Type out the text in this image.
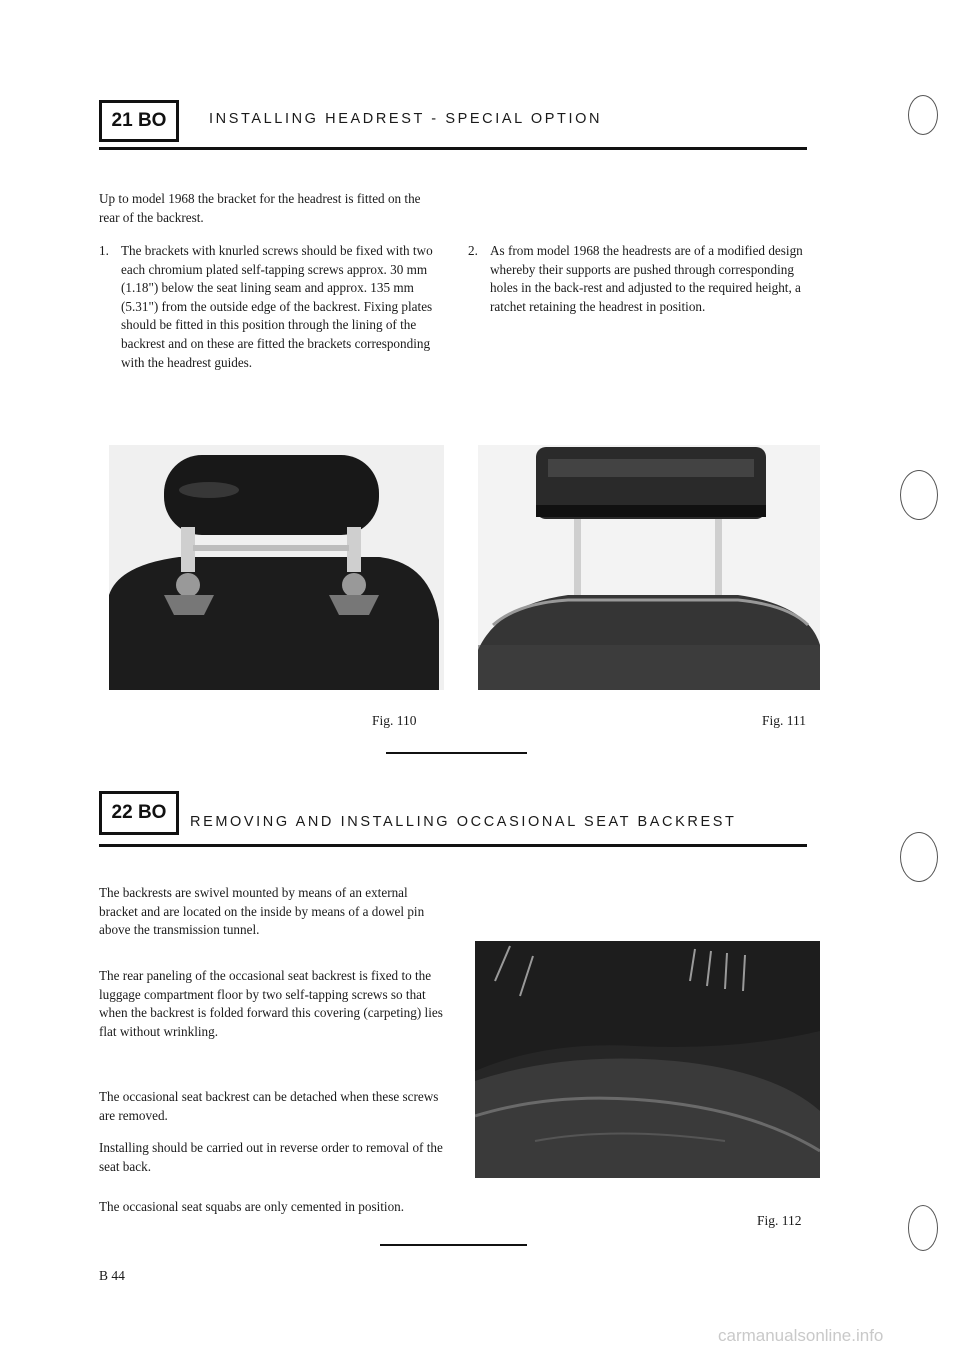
21 BO	INSTALLING HEADREST - SPECIAL OPTION

Up to model 1968 the bracket for the headrest is fitted on the rear of the backrest.

1. The brackets with knurled screws should be fixed with two each chromium plated self-tapping screws approx. 30 mm (1.18") below the seat lining seam and approx. 135 mm (5.31") from the outside edge of the backrest. Fixing plates should be fitted in this position through the lining of the backrest and on these are fitted the brackets corresponding with the headrest guides.
2. As from model 1968 the headrests are of a modified design whereby their supports are pushed through corresponding holes in the back-rest and adjusted to the required height, a ratchet retaining the headrest in position.
Fig. 110	Fig. 111
22 BO	REMOVING AND INSTALLING OCCASIONAL SEAT BACKREST

The backrests are swivel mounted by means of an external bracket and are located on the inside by means of a dowel pin above the transmission tunnel.

The rear paneling of the occasional seat backrest is fixed to the luggage compartment floor by two self-tapping screws so that when the backrest is folded forward this covering (carpeting) lies flat without wrinkling.

The occasional seat backrest can be detached when these screws are removed.

Installing should be carried out in reverse order to removal of the seat back.

The occasional seat squabs are only cemented in position.

Fig. 112
B 44
carmanualsonline.info
